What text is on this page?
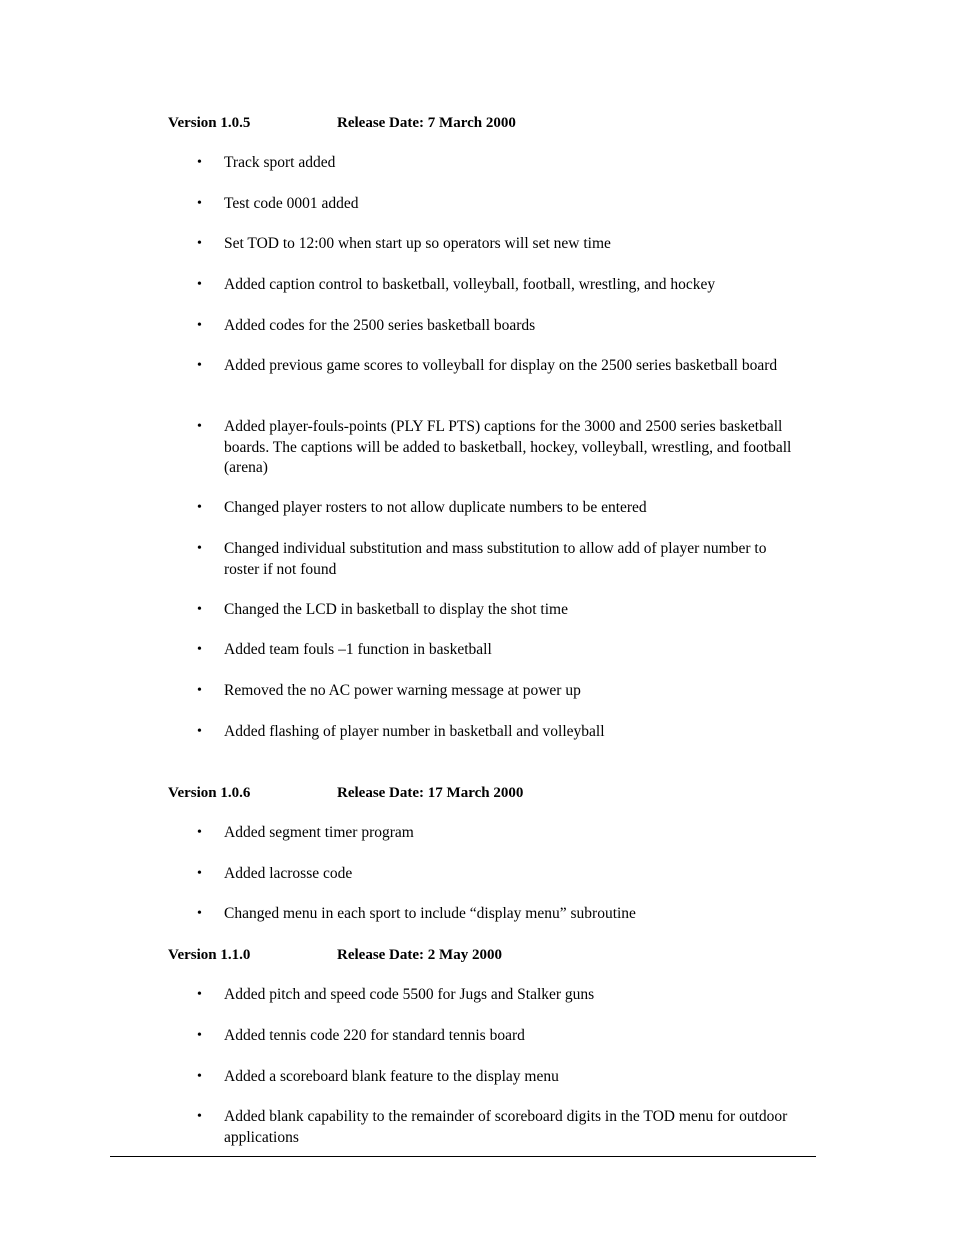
Version 1.0.5	Release Date: 7 March 2000
• Track sport added
• Test code 0001 added
• Set TOD to 12:00 when start up so operators will set new time
• Added caption control to basketball, volleyball, football, wrestling, and hockey
• Added codes for the 2500 series basketball boards
• Added previous game scores to volleyball for display on the 2500 series basketball board
• Added player-fouls-points (PLY FL PTS) captions for the 3000 and 2500 series basketball boards. The captions will be added to basketball, hockey, volleyball, wrestling, and football (arena)
• Changed player rosters to not allow duplicate numbers to be entered
• Changed individual substitution and mass substitution to allow add of player number to roster if not found
• Changed the LCD in basketball to display the shot time
• Added team fouls –1 function in basketball
• Removed the no AC power warning message at power up
• Added flashing of player number in basketball and volleyball
Version 1.0.6	Release Date: 17 March 2000
• Added segment timer program
• Added lacrosse code
• Changed menu in each sport to include “display menu” subroutine
Version 1.1.0	Release Date: 2 May 2000
• Added pitch and speed code 5500 for Jugs and Stalker guns
• Added tennis code 220 for standard tennis board
• Added a scoreboard blank feature to the display menu
• Added blank capability to the remainder of scoreboard digits in the TOD menu for outdoor applications
